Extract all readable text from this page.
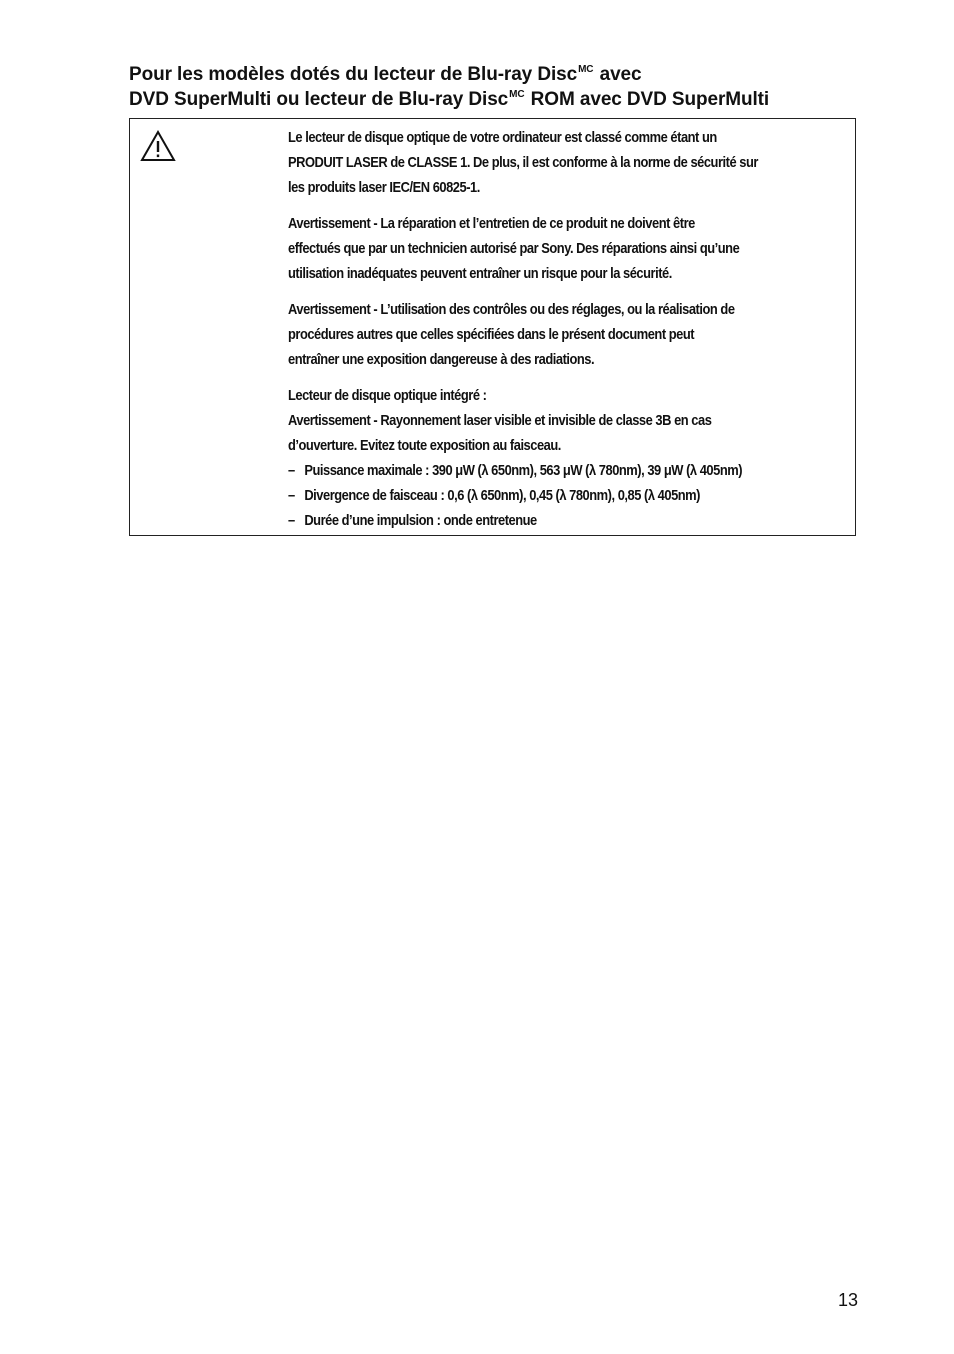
Pour les modèles dotés du lecteur de Blu-ray Disc$^{MC}$ avec
DVD SuperMulti ou lecteur de Blu-ray Disc$^{MC}$ ROM avec DVD SuperMulti

Le lecteur de disque optique de votre ordinateur est classé comme étant un
PRODUIT LASER de CLASSE 1. De plus, il est conforme à la norme de sécurité sur
les produits laser IEC/EN 60825-1.

Avertissement - La réparation et l’entretien de ce produit ne doivent être
effectués que par un technicien autorisé par Sony. Des réparations ainsi qu’une
utilisation inadéquates peuvent entraîner un risque pour la sécurité.

Avertissement - L’utilisation des contrôles ou des réglages, ou la réalisation de
procédures autres que celles spécifiées dans le présent document peut
entraîner une exposition dangereuse à des radiations.

Lecteur de disque optique intégré :
Avertissement - Rayonnement laser visible et invisible de classe 3B en cas
d’ouverture. Evitez toute exposition au faisceau.
– Puissance maximale : 390 μW (λ 650nm), 563 μW (λ 780nm), 39 μW (λ 405nm)
– Divergence de faisceau : 0,6 (λ 650nm), 0,45 (λ 780nm), 0,85 (λ 405nm)
– Durée d’une impulsion : onde entretenue
13
